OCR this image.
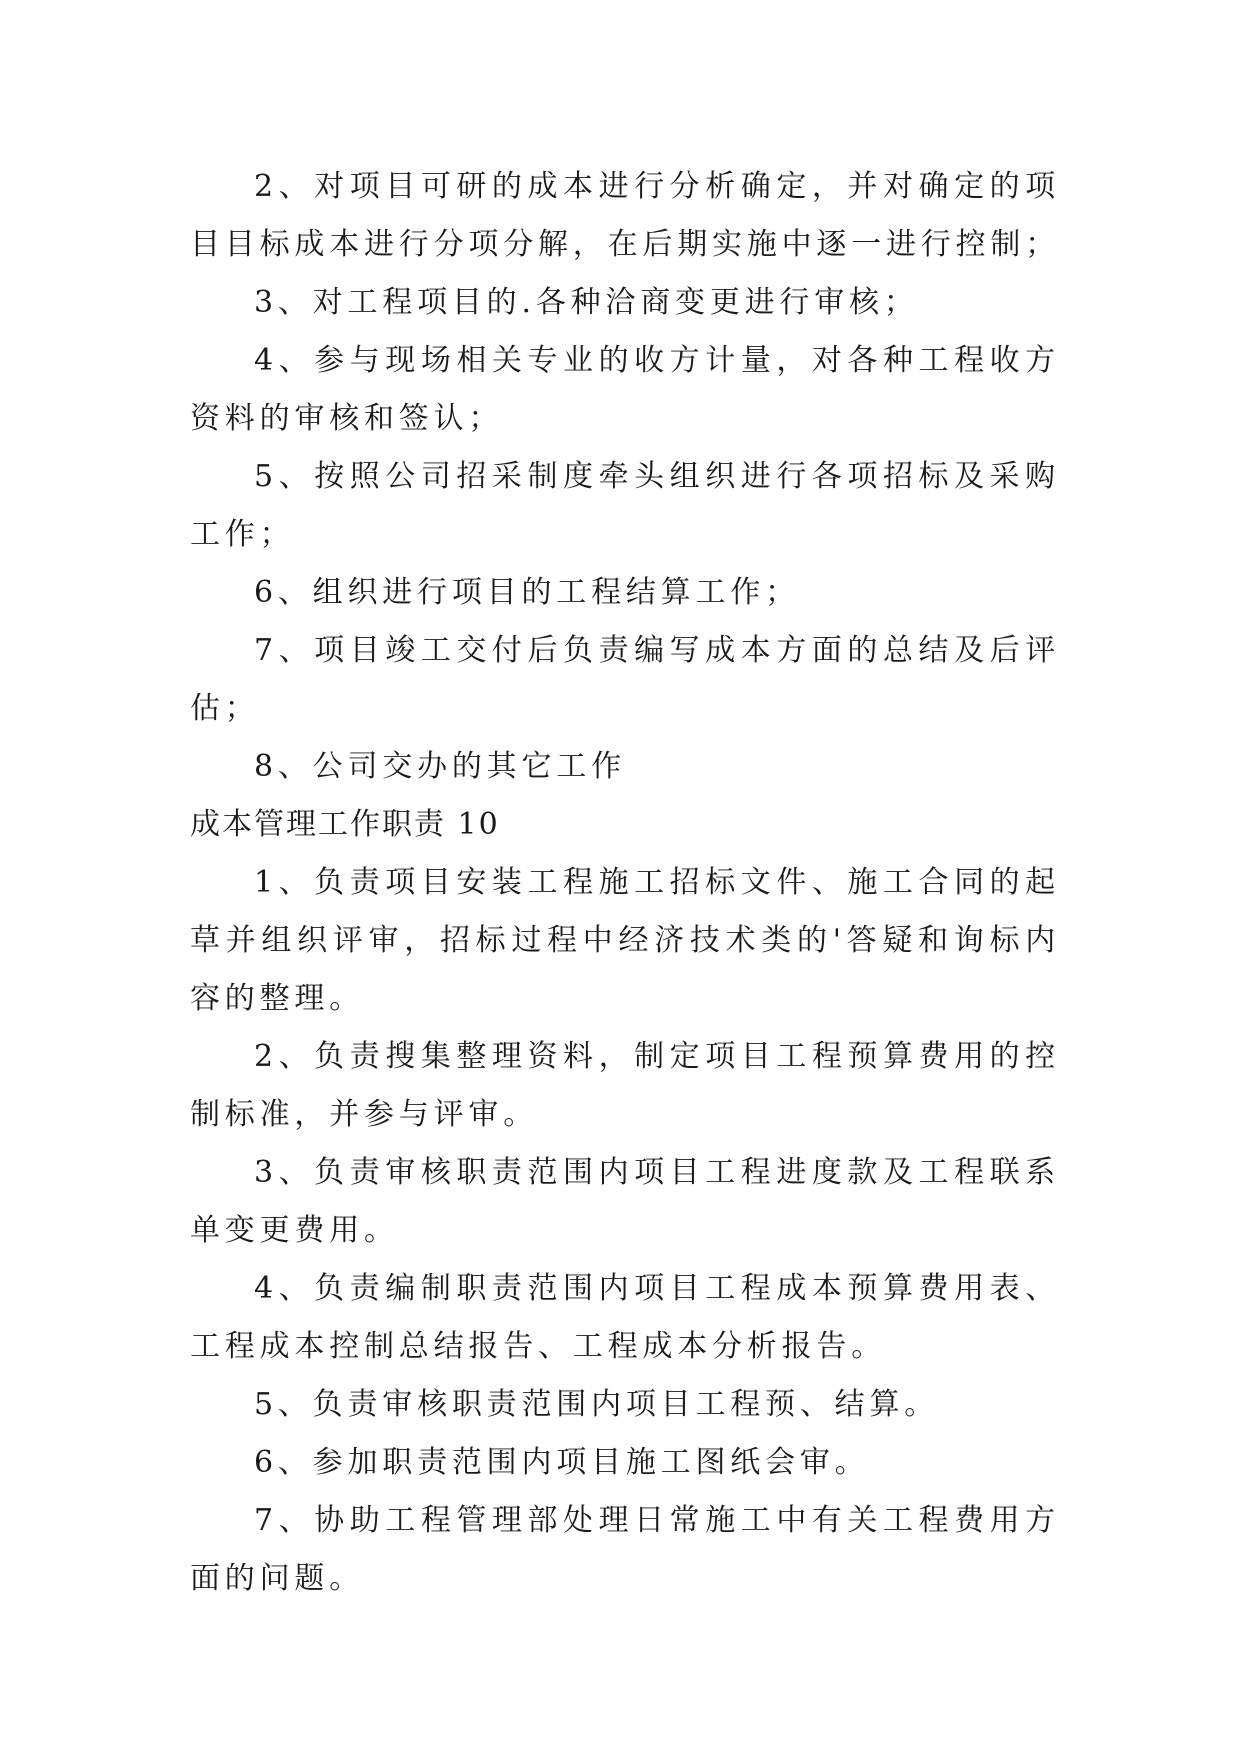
2、对项目可研的成本进行分析确定，并对确定的项目目标成本进行分项分解，在后期实施中逐一进行控制；

3、对工程项目的.各种洽商变更进行审核；

4、参与现场相关专业的收方计量，对各种工程收方资料的审核和签认；

5、按照公司招采制度牵头组织进行各项招标及采购工作；

6、组织进行项目的工程结算工作；

7、项目竣工交付后负责编写成本方面的总结及后评估；

8、公司交办的其它工作

成本管理工作职责 10

1、负责项目安装工程施工招标文件、施工合同的起草并组织评审，招标过程中经济技术类的'答疑和询标内容的整理。

2、负责搜集整理资料，制定项目工程预算费用的控制标准，并参与评审。

3、负责审核职责范围内项目工程进度款及工程联系单变更费用。

4、负责编制职责范围内项目工程成本预算费用表、工程成本控制总结报告、工程成本分析报告。

5、负责审核职责范围内项目工程预、结算。

6、参加职责范围内项目施工图纸会审。

7、协助工程管理部处理日常施工中有关工程费用方面的问题。
